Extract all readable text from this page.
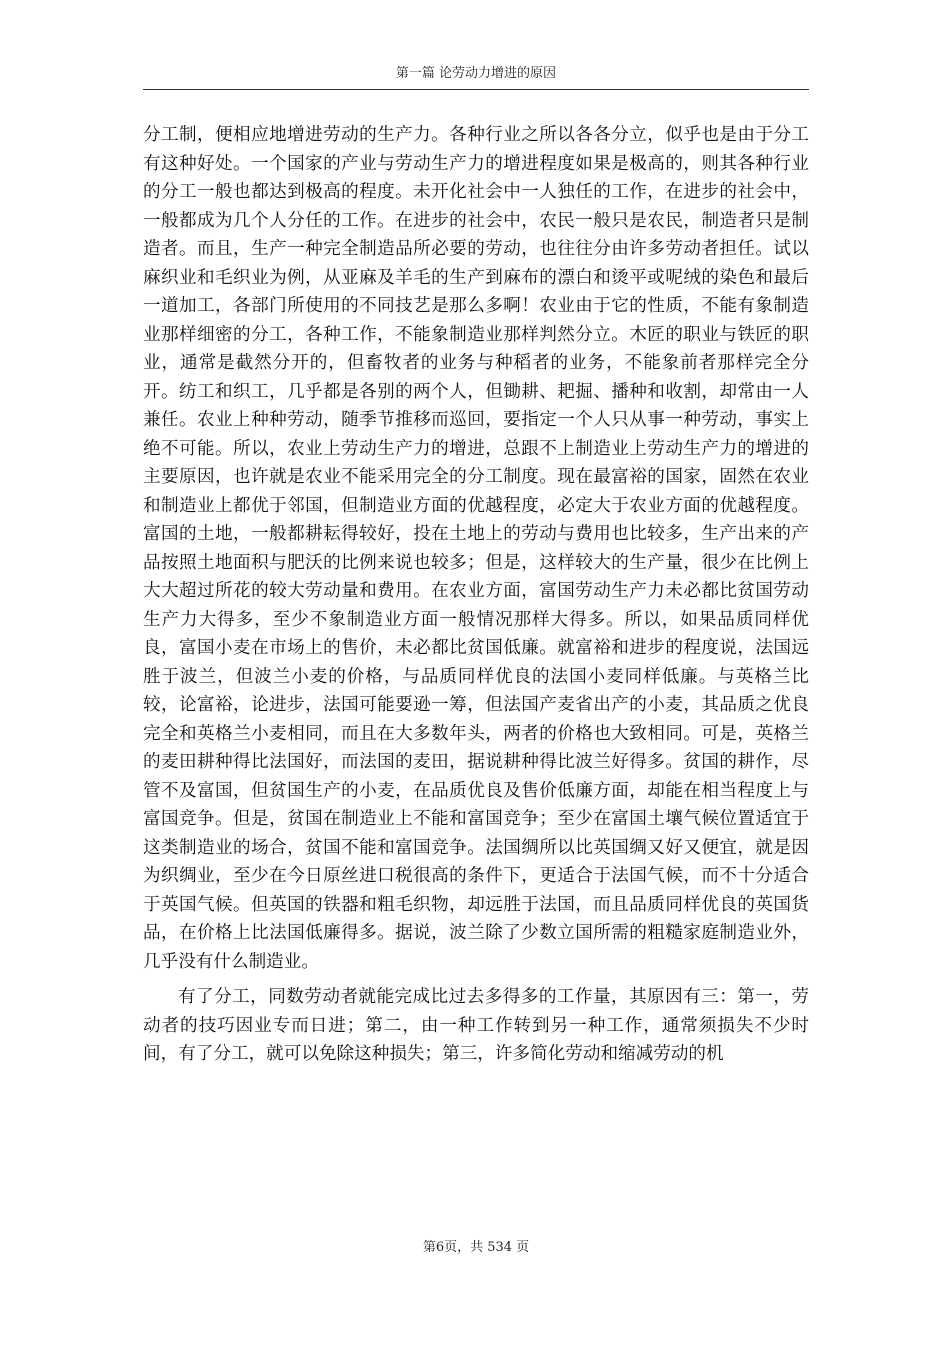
第一篇 论劳动力增进的原因

分工制，便相应地增进劳动的生产力。各种行业之所以各各分立，似乎也是由于分工有这种好处。一个国家的产业与劳动生产力的增进程度如果是极高的，则其各种行业的分工一般也都达到极高的程度。未开化社会中一人独任的工作，在进步的社会中，一般都成为几个人分任的工作。在进步的社会中，农民一般只是农民，制造者只是制造者。而且，生产一种完全制造品所必要的劳动，也往往分由许多劳动者担任。试以麻织业和毛织业为例，从亚麻及羊毛的生产到麻布的漂白和烫平或呢绒的染色和最后一道加工，各部门所使用的不同技艺是那么多啊！农业由于它的性质，不能有象制造业那样细密的分工，各种工作，不能象制造业那样判然分立。木匠的职业与铁匠的职业，通常是截然分开的，但畜牧者的业务与种稻者的业务，不能象前者那样完全分开。纺工和织工，几乎都是各别的两个人，但锄耕、耙掘、播种和收割，却常由一人兼任。农业上种种劳动，随季节推移而巡回，要指定一个人只从事一种劳动，事实上绝不可能。所以，农业上劳动生产力的增进，总跟不上制造业上劳动生产力的增进的主要原因，也许就是农业不能采用完全的分工制度。现在最富裕的国家，固然在农业和制造业上都优于邻国，但制造业方面的优越程度，必定大于农业方面的优越程度。富国的土地，一般都耕耘得较好，投在土地上的劳动与费用也比较多，生产出来的产品按照土地面积与肥沃的比例来说也较多；但是，这样较大的生产量，很少在比例上大大超过所花的较大劳动量和费用。在农业方面，富国劳动生产力未必都比贫国劳动生产力大得多，至少不象制造业方面一般情况那样大得多。所以，如果品质同样优良，富国小麦在市场上的售价，未必都比贫国低廉。就富裕和进步的程度说，法国远胜于波兰，但波兰小麦的价格，与品质同样优良的法国小麦同样低廉。与英格兰比较，论富裕，论进步，法国可能要逊一筹，但法国产麦省出产的小麦，其品质之优良完全和英格兰小麦相同，而且在大多数年头，两者的价格也大致相同。可是，英格兰的麦田耕种得比法国好，而法国的麦田，据说耕种得比波兰好得多。贫国的耕作，尽管不及富国，但贫国生产的小麦，在品质优良及售价低廉方面，却能在相当程度上与富国竞争。但是，贫国在制造业上不能和富国竞争；至少在富国土壤气候位置适宜于这类制造业的场合，贫国不能和富国竞争。法国绸所以比英国绸又好又便宜，就是因为织绸业，至少在今日原丝进口税很高的条件下，更适合于法国气候，而不十分适合于英国气候。但英国的铁器和粗毛织物，却远胜于法国，而且品质同样优良的英国货品，在价格上比法国低廉得多。据说，波兰除了少数立国所需的粗糙家庭制造业外，几乎没有什么制造业。

有了分工，同数劳动者就能完成比过去多得多的工作量，其原因有三：第一，劳动者的技巧因业专而日进；第二，由一种工作转到另一种工作，通常须损失不少时间，有了分工，就可以免除这种损失；第三，许多简化劳动和缩减劳动的机

第6页，共 534 页
